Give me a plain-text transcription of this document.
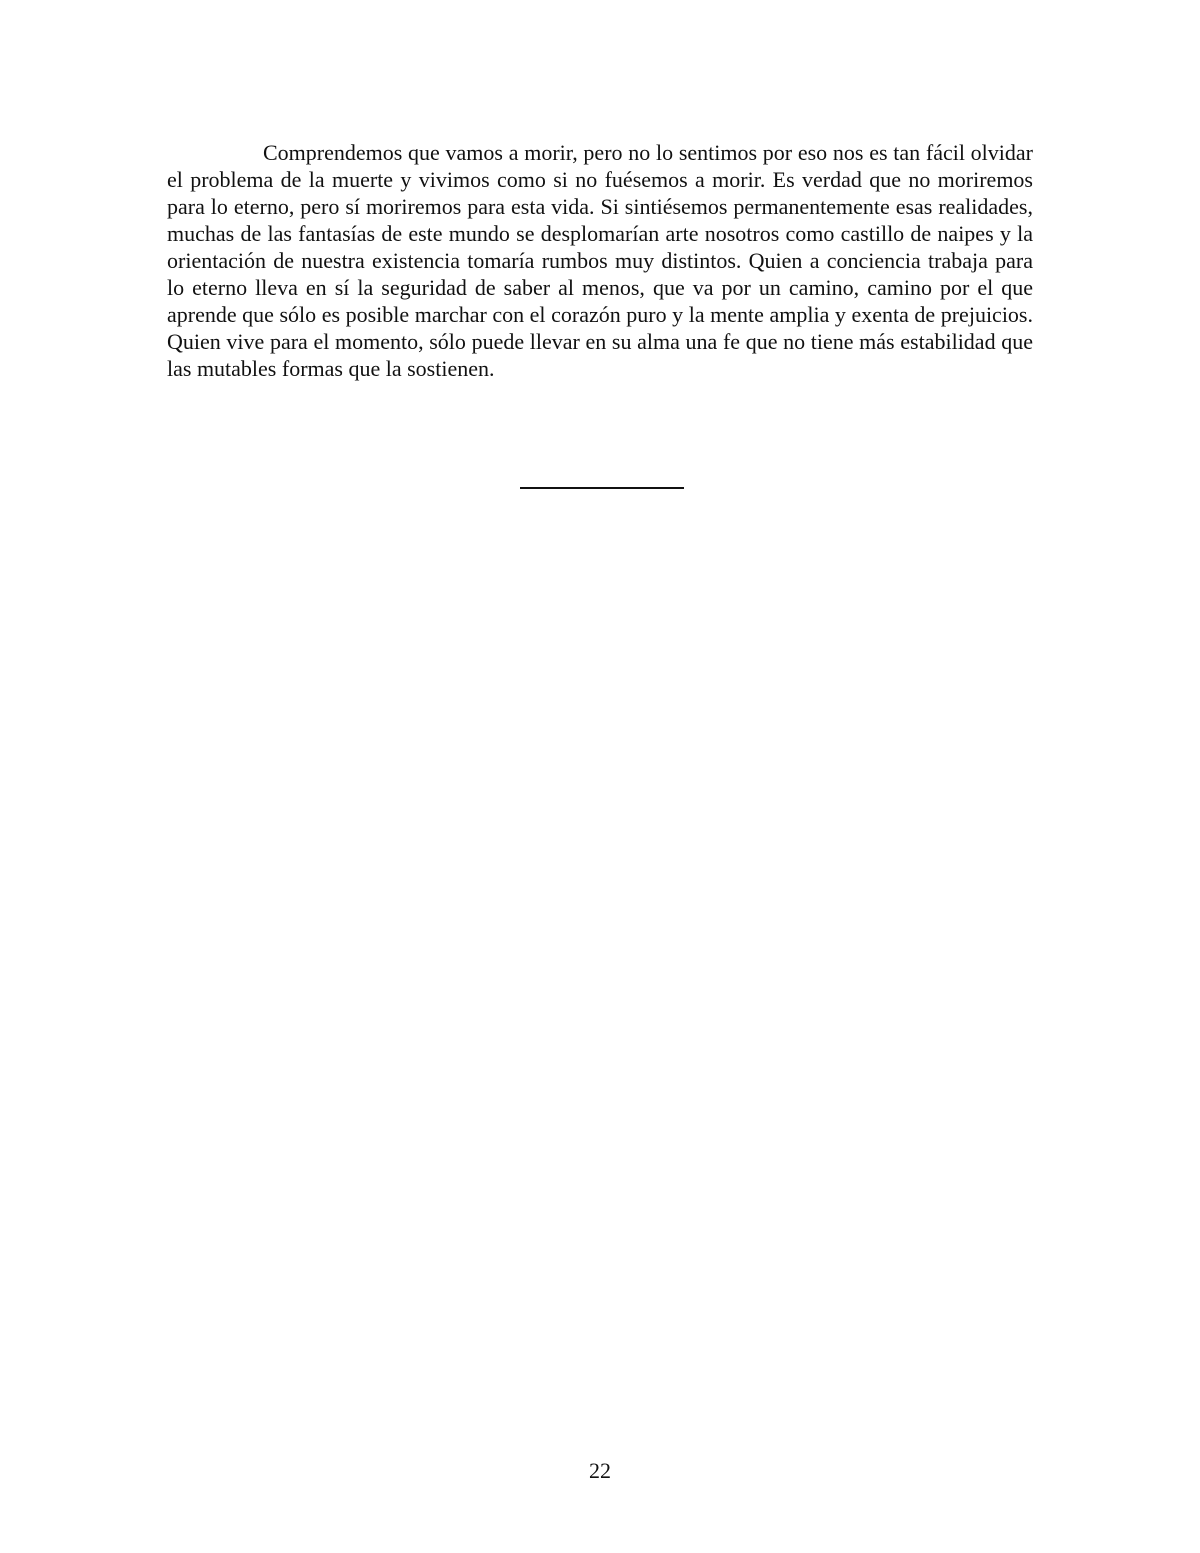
Comprendemos que vamos a morir, pero no lo sentimos por eso nos es tan fácil olvidar el problema de la muerte y vivimos como si no fuésemos a morir. Es verdad que no moriremos para lo eterno, pero sí moriremos para esta vida. Si sintiésemos permanentemente esas realidades, muchas de las fantasías de este mundo se desplomarían arte nosotros como castillo de naipes y la orientación de nuestra existencia tomaría rumbos muy distintos. Quien a conciencia trabaja para lo eterno lleva en sí la seguridad de saber al menos, que va por un camino, camino por el que aprende que sólo es posible marchar con el corazón puro y la mente amplia y exenta de prejuicios. Quien vive para el momento, sólo puede llevar en su alma una fe que no tiene más estabilidad que las mutables formas que la sostienen.

22
